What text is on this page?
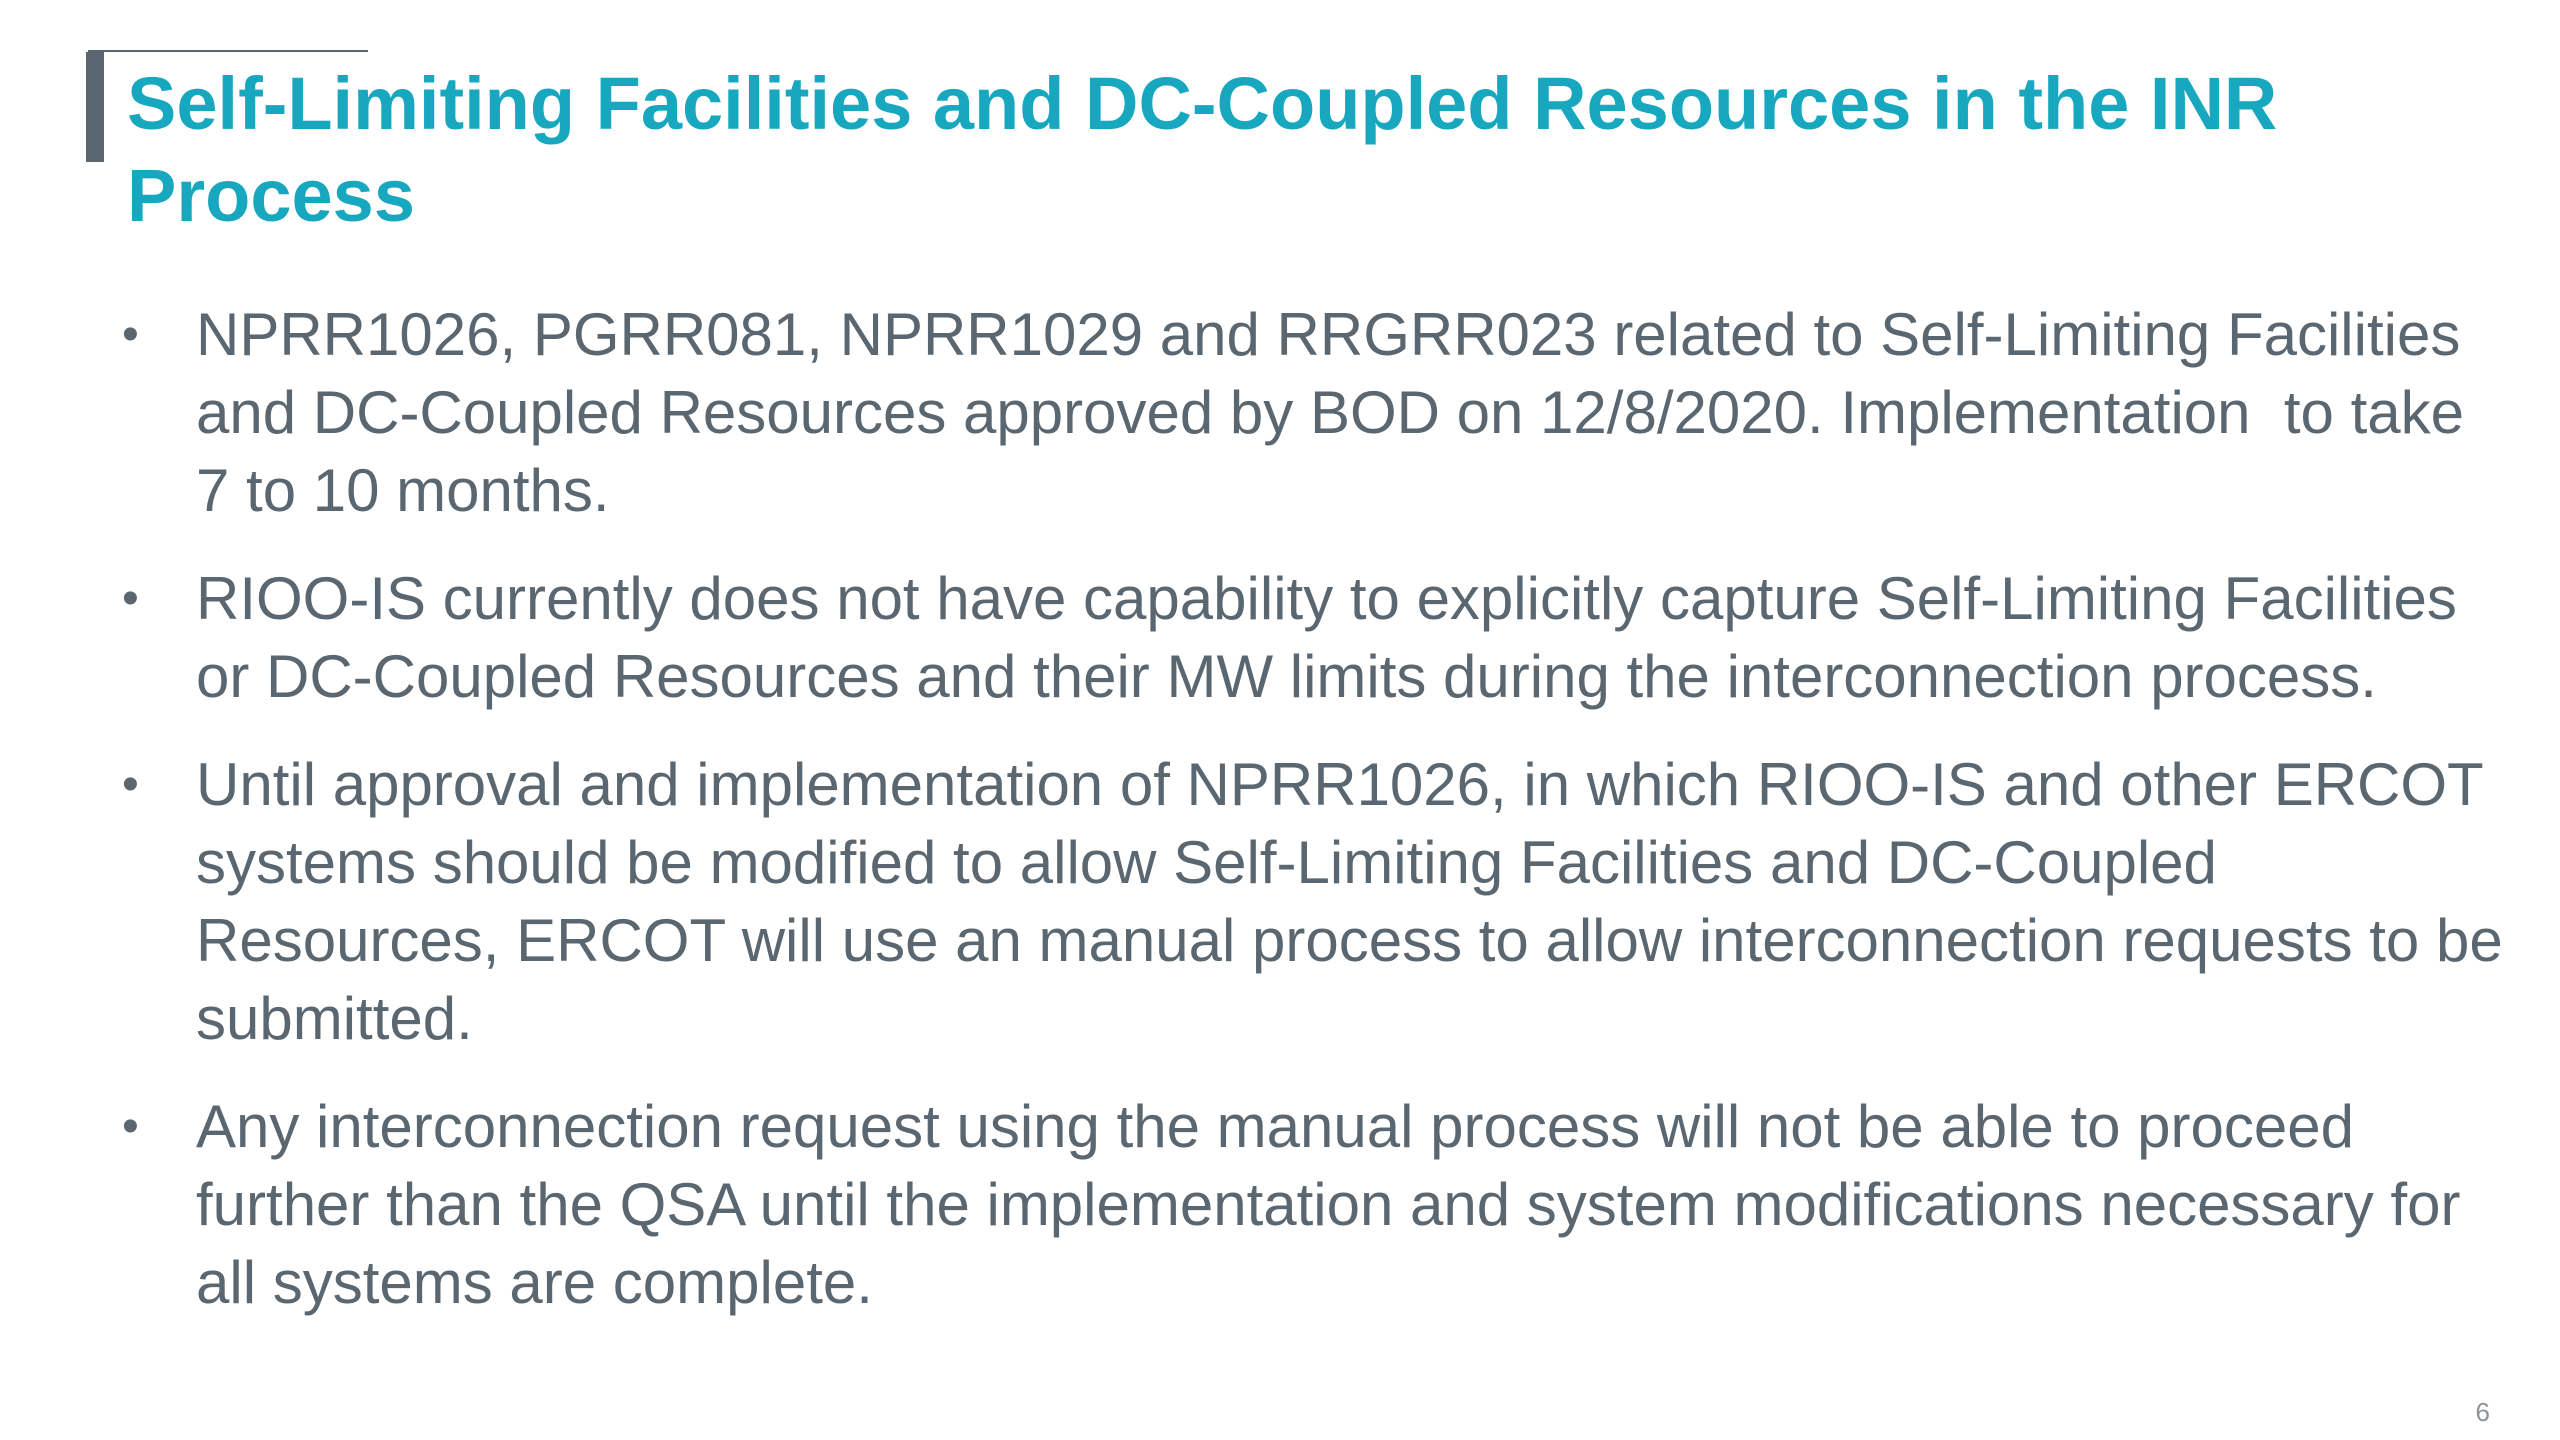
Self-Limiting Facilities and DC-Coupled Resources in the INR Process
• NPRR1026, PGRR081, NPRR1029 and RRGRR023 related to Self-Limiting Facilities and DC-Coupled Resources approved by BOD on 12/8/2020. Implementation  to take 7 to 10 months.
• RIOO-IS currently does not have capability to explicitly capture Self-Limiting Facilities or DC-Coupled Resources and their MW limits during the interconnection process.
• Until approval and implementation of NPRR1026, in which RIOO-IS and other ERCOT systems should be modified to allow Self-Limiting Facilities and DC-Coupled Resources, ERCOT will use an manual process to allow interconnection requests to be submitted.
• Any interconnection request using the manual process will not be able to proceed further than the QSA until the implementation and system modifications necessary for all systems are complete.
6
